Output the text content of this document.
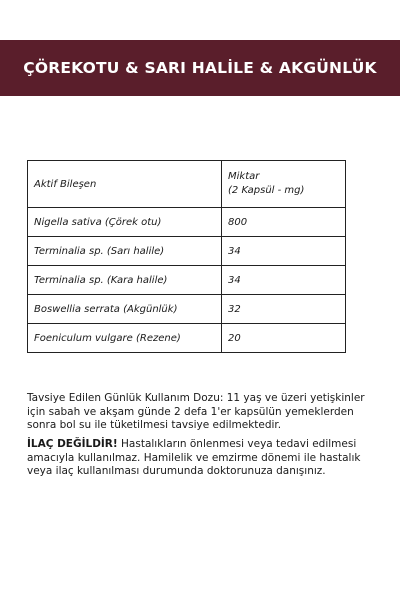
ÇÖREKOTU & SARI HALİLE & AKGÜNLÜK
Aktif Bileşen	Miktar
(2 Kapsül - mg)

Nigella sativa (Çörek otu)	800
Terminalia sp. (Sarı halile)	34
Terminalia sp. (Kara halile)	34
Boswellia serrata (Akgünlük)	32
Foeniculum vulgare (Rezene)	20

Tavsiye Edilen Günlük Kullanım Dozu: 11 yaş ve üzeri yetişkinler için sabah ve akşam günde 2 defa 1'er kapsülün yemeklerden sonra bol su ile tüketilmesi tavsiye edilmektedir.

İLAÇ DEĞİLDİR! Hastalıkların önlenmesi veya tedavi edilmesi amacıyla kullanılmaz. Hamilelik ve emzirme dönemi ile hastalık veya ilaç kullanılması durumunda doktorunuza danışınız.
